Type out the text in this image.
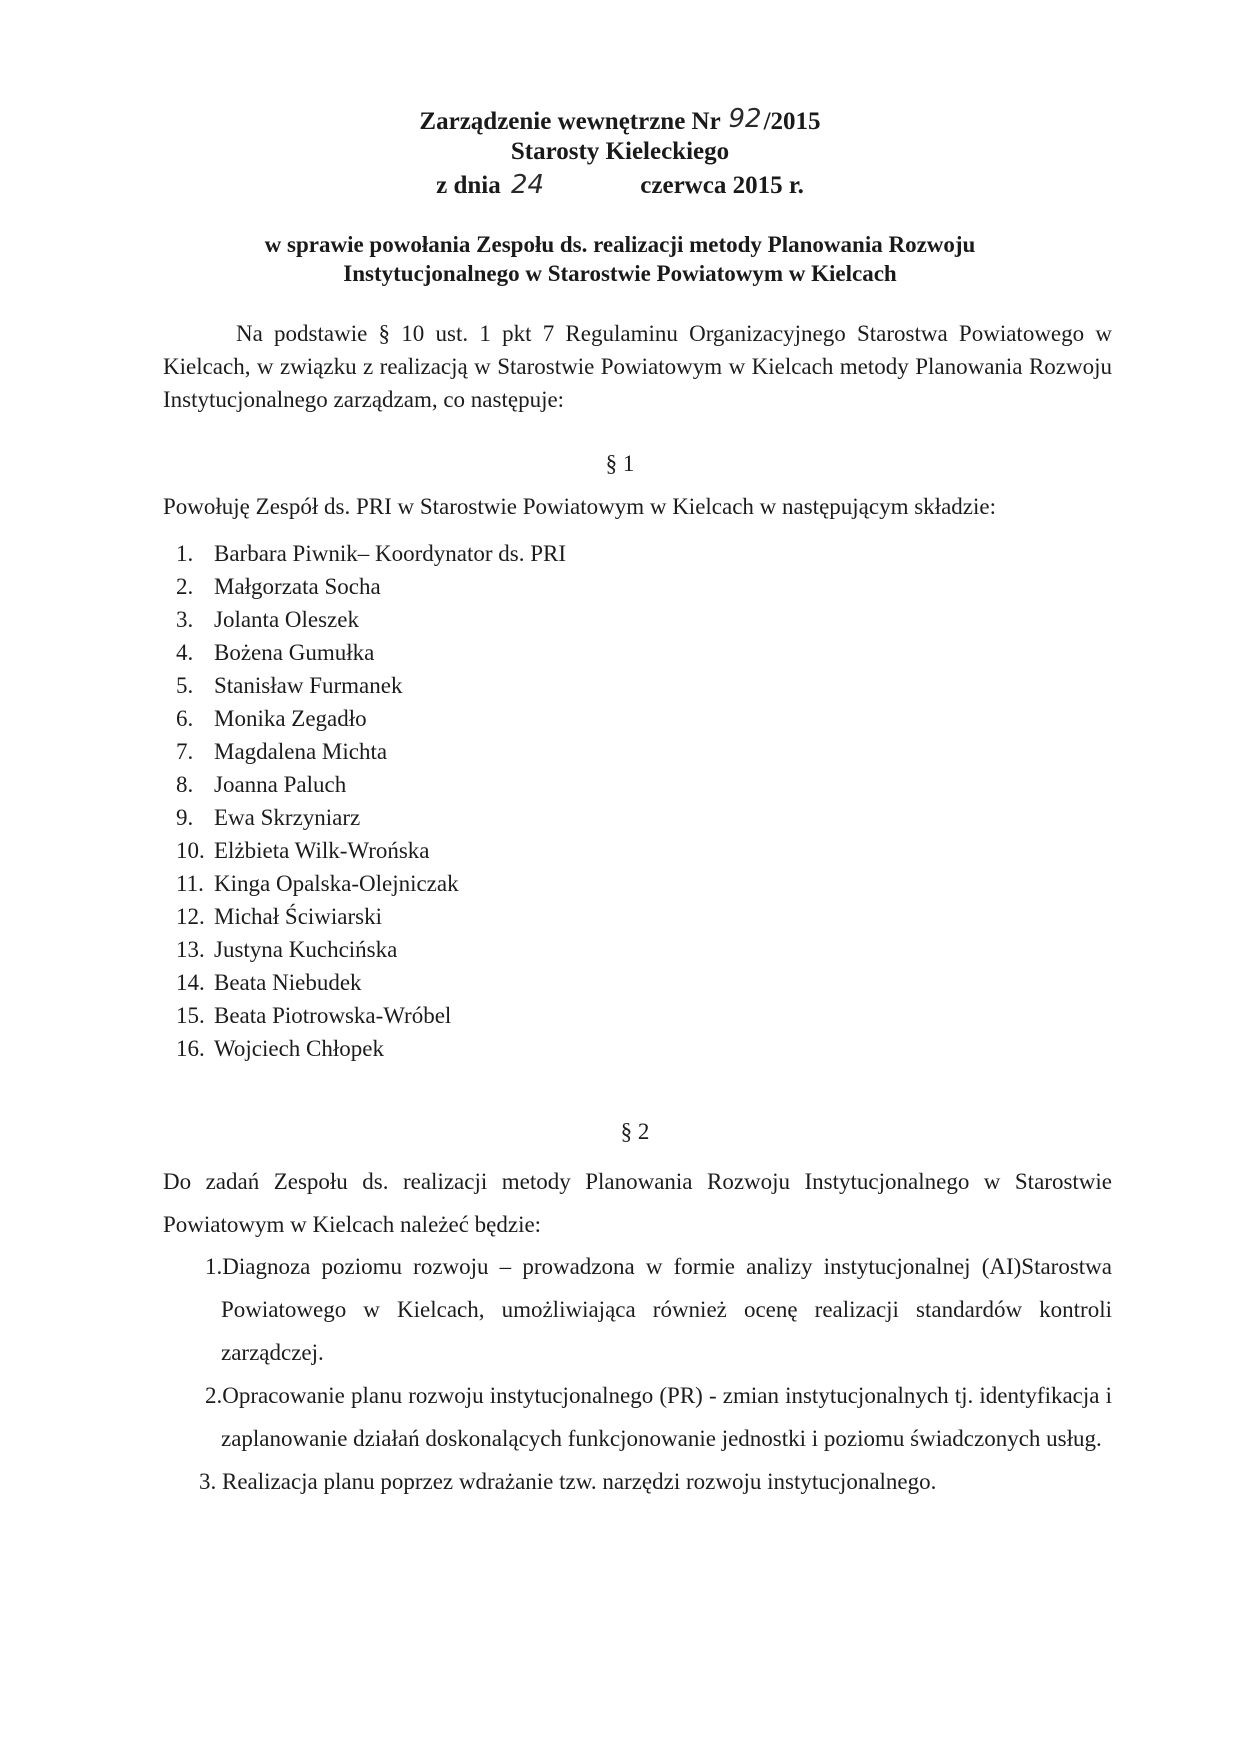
Zarządzenie wewnętrzne Nr 92/2015
Starosty Kieleckiego
z dnia 24	czerwca 2015 r.
w sprawie powołania Zespołu ds. realizacji metody Planowania Rozwoju
Instytucjonalnego w Starostwie Powiatowym w Kielcach

Na podstawie § 10 ust. 1 pkt 7 Regulaminu Organizacyjnego Starostwa Powiatowego w Kielcach, w związku z realizacją w Starostwie Powiatowym w Kielcach metody Planowania Rozwoju Instytucjonalnego zarządzam, co następuje:

§ 1
Powołuję Zespół ds. PRI w Starostwie Powiatowym w Kielcach w następującym składzie:
1. Barbara Piwnik– Koordynator ds. PRI
2. Małgorzata Socha
3. Jolanta Oleszek
4. Bożena Gumułka
5. Stanisław Furmanek
6. Monika Zegadło
7. Magdalena Michta
8. Joanna Paluch
9. Ewa Skrzyniarz
10. Elżbieta Wilk-Wrońska
11. Kinga Opalska-Olejniczak
12. Michał Ściwiarski
13. Justyna Kuchcińska
14. Beata Niebudek
15. Beata Piotrowska-Wróbel
16. Wojciech Chłopek
§ 2

Do zadań Zespołu ds. realizacji metody Planowania Rozwoju Instytucjonalnego w Starostwie Powiatowym w Kielcach należeć będzie:

1.Diagnoza poziomu rozwoju – prowadzona w formie analizy instytucjonalnej (AI)Starostwa Powiatowego w Kielcach, umożliwiająca również ocenę realizacji standardów kontroli zarządczej.
2.Opracowanie planu rozwoju instytucjonalnego (PR) - zmian instytucjonalnych tj. identyfikacja i zaplanowanie działań doskonalących funkcjonowanie jednostki i poziomu świadczonych usług.
3. Realizacja planu poprzez wdrażanie tzw. narzędzi rozwoju instytucjonalnego.
